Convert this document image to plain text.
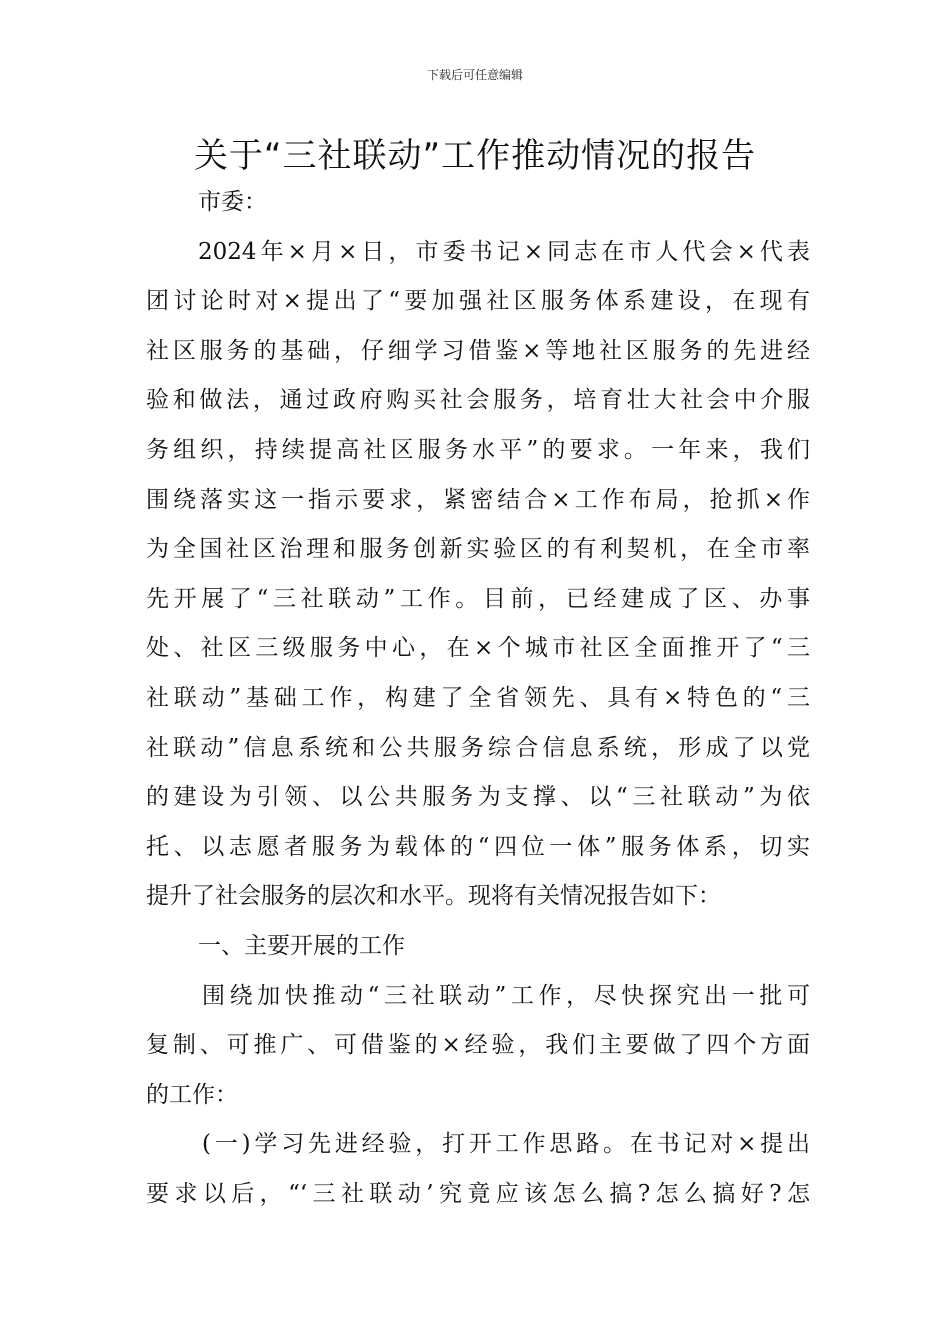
下载后可任意编辑
关于“三社联动”工作推动情况的报告
市委：
2024年×月×日，市委书记×同志在市人代会×代表
团讨论时对×提出了“要加强社区服务体系建设，在现有
社区服务的基础，仔细学习借鉴×等地社区服务的先进经
验和做法，通过政府购买社会服务，培育壮大社会中介服
务组织，持续提高社区服务水平”的要求。一年来，我们
围绕落实这一指示要求，紧密结合×工作布局，抢抓×作
为全国社区治理和服务创新实验区的有利契机，在全市率
先开展了“三社联动”工作。目前，已经建成了区、办事
处、社区三级服务中心，在×个城市社区全面推开了“三
社联动”基础工作，构建了全省领先、具有×特色的“三
社联动”信息系统和公共服务综合信息系统，形成了以党
的建设为引领、以公共服务为支撑、以“三社联动”为依
托、以志愿者服务为载体的“四位一体”服务体系，切实
提升了社会服务的层次和水平。现将有关情况报告如下：
一、主要开展的工作
围绕加快推动“三社联动”工作，尽快探究出一批可
复制、可推广、可借鉴的×经验，我们主要做了四个方面
的工作：
(一)学习先进经验，打开工作思路。在书记对×提出
要求以后，“‘三社联动’究竟应该怎么搞?怎么搞好?怎
